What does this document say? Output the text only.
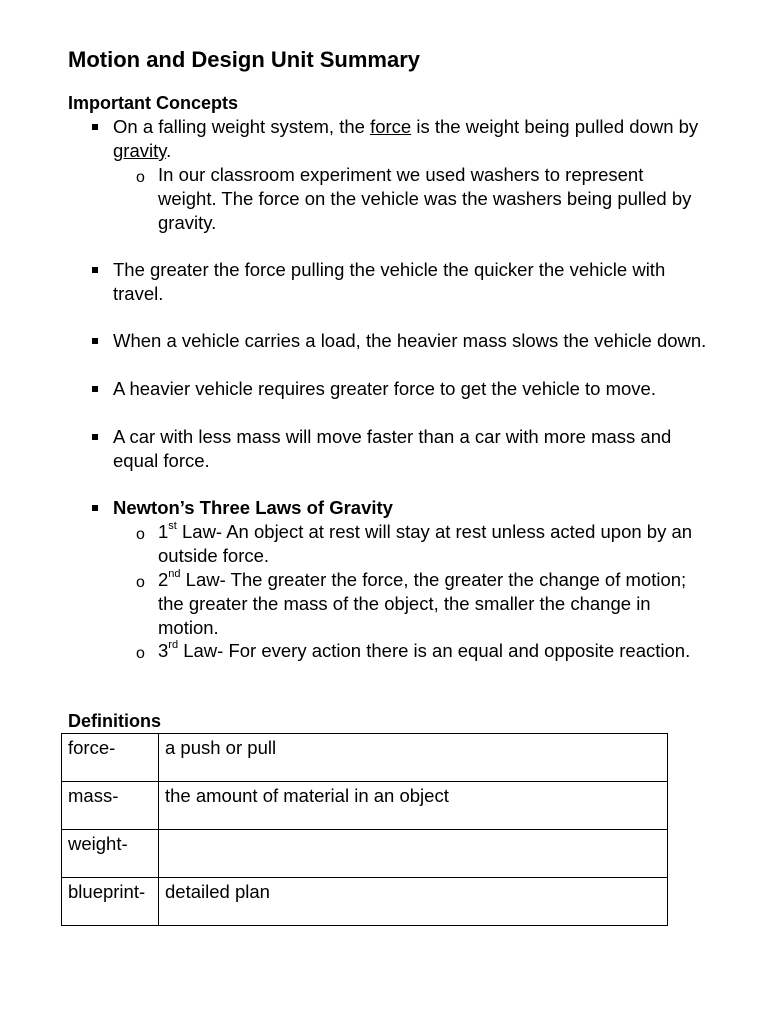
Motion and Design Unit Summary
Important Concepts
On a falling weight system, the force is the weight being pulled down by gravity.
o In our classroom experiment we used washers to represent weight. The force on the vehicle was the washers being pulled by gravity.
The greater the force pulling the vehicle the quicker the vehicle with travel.
When a vehicle carries a load, the heavier mass slows the vehicle down.
A heavier vehicle requires greater force to get the vehicle to move.
A car with less mass will move faster than a car with more mass and equal force.
Newton’s Three Laws of Gravity
o 1st Law- An object at rest will stay at rest unless acted upon by an outside force.
o 2nd Law- The greater the force, the greater the change of motion; the greater the mass of the object, the smaller the change in motion.
o 3rd Law- For every action there is an equal and opposite reaction.
Definitions
force-	a push or pull
mass-	the amount of material in an object
weight-	
blueprint-	detailed plan
